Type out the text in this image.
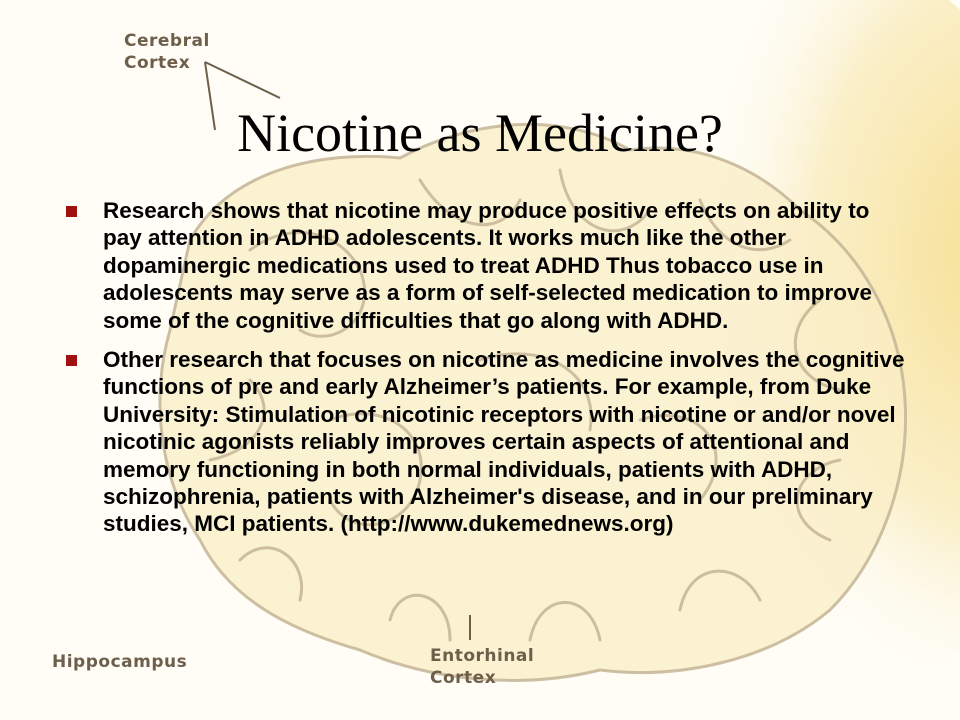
Cerebral
Cortex
Hippocampus	Entorhinal
Cortex
Nicotine as Medicine?
Research shows that nicotine may produce positive effects on ability to pay attention in ADHD adolescents. It works much like the other dopaminergic medications used to treat ADHD Thus tobacco use in adolescents may serve as a form of self-selected medication to improve some of the cognitive difficulties that go along with ADHD.
Other research that focuses on nicotine as medicine involves the cognitive functions of pre and early Alzheimer’s patients. For example, from Duke University: Stimulation of nicotinic receptors with nicotine or and/or novel nicotinic agonists reliably improves certain aspects of attentional and memory functioning in both normal individuals, patients with ADHD, schizophrenia, patients with Alzheimer's disease, and in our preliminary studies, MCI patients. (http://www.dukemednews.org)
